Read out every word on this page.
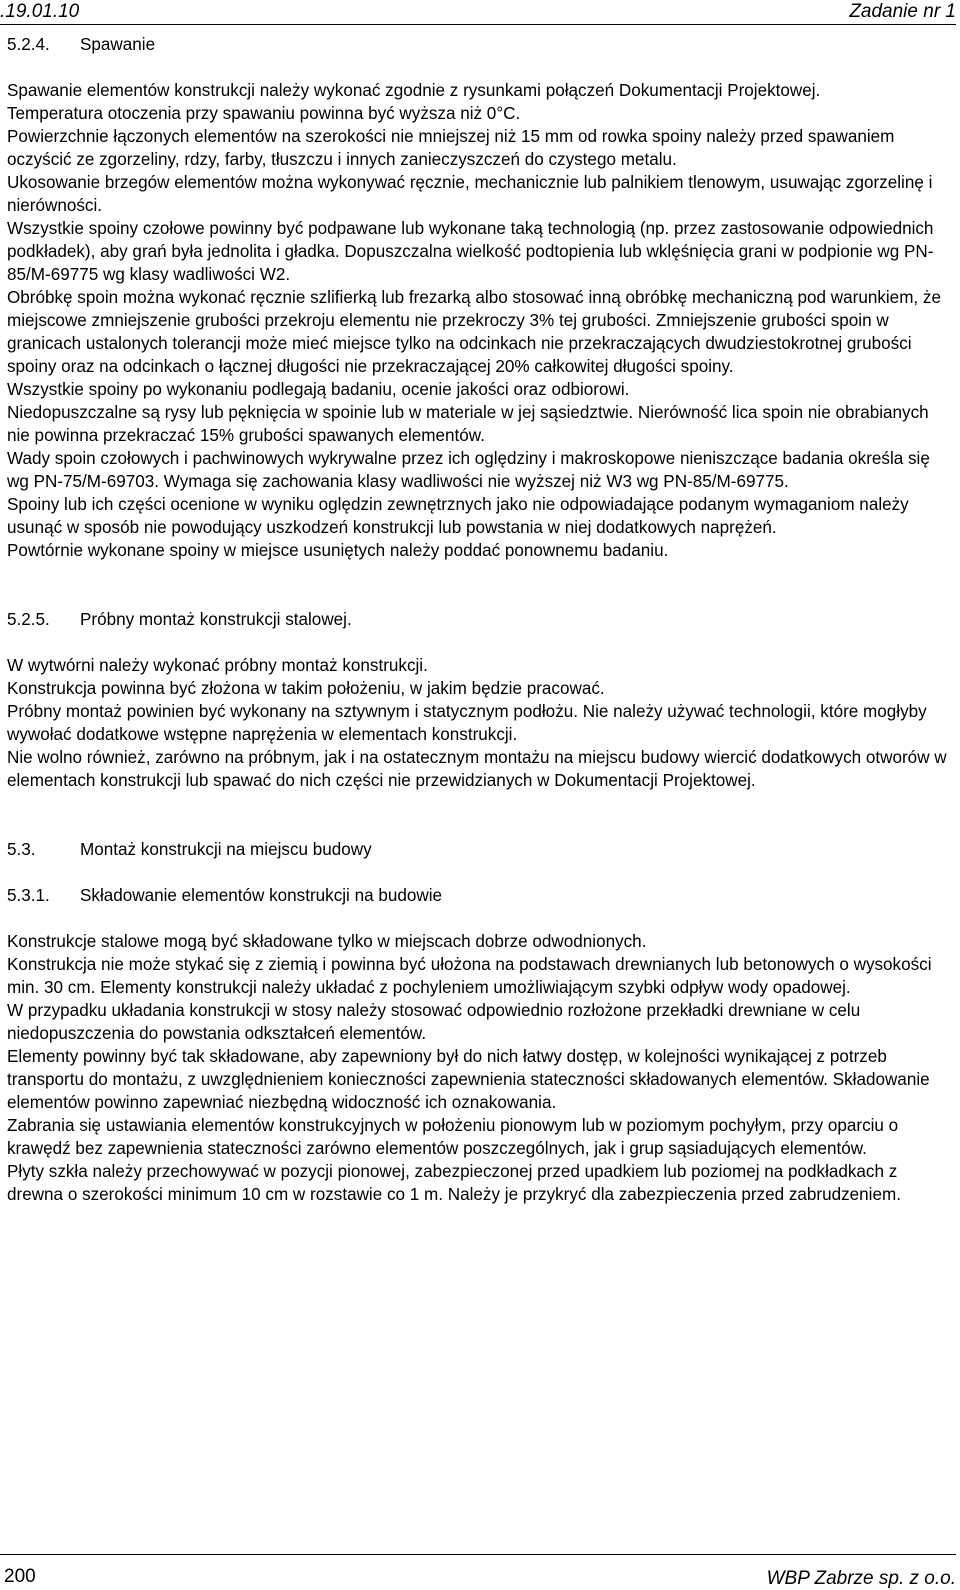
.19.01.10	Zadanie nr 1
5.2.4.	Spawanie

Spawanie elementów konstrukcji należy wykonać zgodnie z rysunkami połączeń Dokumentacji Projektowej.

Temperatura otoczenia przy spawaniu powinna być wyższa niż 0°C.

Powierzchnie łączonych elementów na szerokości nie mniejszej niż 15 mm od rowka spoiny należy przed spawaniem oczyścić ze zgorzeliny, rdzy, farby, tłuszczu i innych zanieczyszczeń do czystego metalu.

Ukosowanie brzegów elementów można wykonywać ręcznie, mechanicznie lub palnikiem tlenowym, usuwając zgorzelinę i nierówności.

Wszystkie spoiny czołowe powinny być podpawane lub wykonane taką technologią (np. przez zastosowanie odpowiednich podkładek), aby grań była jednolita i gładka. Dopuszczalna wielkość podtopienia lub wklęśnięcia grani w podpionie wg PN-85/M-69775 wg klasy wadliwości W2.

Obróbkę spoin można wykonać ręcznie szlifierką lub frezarką albo stosować inną obróbkę mechaniczną pod warunkiem, że miejscowe zmniejszenie grubości przekroju elementu nie przekroczy 3% tej grubości. Zmniejszenie grubości spoin w granicach ustalonych tolerancji może mieć miejsce tylko na odcinkach nie przekraczających dwudziestokrotnej grubości spoiny oraz na odcinkach o łącznej długości nie przekraczającej 20% całkowitej długości spoiny.

Wszystkie spoiny po wykonaniu podlegają badaniu, ocenie jakości oraz odbiorowi.

Niedopuszczalne są rysy lub pęknięcia w spoinie lub w materiale w jej sąsiedztwie. Nierówność lica spoin nie obrabianych nie powinna przekraczać 15% grubości spawanych elementów.

Wady spoin czołowych i pachwinowych wykrywalne przez ich oględziny i makroskopowe nieniszczące badania określa się wg PN-75/M-69703. Wymaga się zachowania klasy wadliwości nie wyższej niż W3 wg PN-85/M-69775.

Spoiny lub ich części ocenione w wyniku oględzin zewnętrznych jako nie odpowiadające podanym wymaganiom należy usunąć w sposób nie powodujący uszkodzeń konstrukcji lub powstania w niej dodatkowych naprężeń.

Powtórnie wykonane spoiny w miejsce usuniętych należy poddać ponownemu badaniu.

5.2.5.	Próbny montaż konstrukcji stalowej.

W wytwórni należy wykonać próbny montaż konstrukcji.

Konstrukcja powinna być złożona w takim położeniu, w jakim będzie pracować.

Próbny montaż powinien być wykonany na sztywnym i statycznym podłożu. Nie należy używać technologii, które mogłyby wywołać dodatkowe wstępne naprężenia w elementach konstrukcji.

Nie wolno również, zarówno na próbnym, jak i na ostatecznym montażu na miejscu budowy wiercić dodatkowych otworów w elementach konstrukcji lub spawać do nich części nie przewidzianych w Dokumentacji Projektowej.

5.3.	Montaż konstrukcji na miejscu budowy
5.3.1.	Składowanie elementów konstrukcji na budowie

Konstrukcje stalowe mogą być składowane tylko w miejscach dobrze odwodnionych.

Konstrukcja nie może stykać się z ziemią i powinna być ułożona na podstawach drewnianych lub betonowych o wysokości min. 30 cm. Elementy konstrukcji należy układać z pochyleniem umożliwiającym szybki odpływ wody opadowej.

W przypadku układania konstrukcji w stosy należy stosować odpowiednio rozłożone przekładki drewniane w celu niedopuszczenia do powstania odkształceń elementów.

Elementy powinny być tak składowane, aby zapewniony był do nich łatwy dostęp, w kolejności wynikającej z potrzeb transportu do montażu, z uwzględnieniem konieczności zapewnienia stateczności składowanych elementów. Składowanie elementów powinno zapewniać niezbędną widoczność ich oznakowania.

Zabrania się ustawiania elementów konstrukcyjnych w położeniu pionowym lub w poziomym pochyłym, przy oparciu o krawędź bez zapewnienia stateczności zarówno elementów poszczególnych, jak i grup sąsiadujących elementów.

Płyty szkła należy przechowywać w pozycji pionowej, zabezpieczonej przed upadkiem lub poziomej na podkładkach z drewna o szerokości minimum 10 cm w rozstawie co 1 m. Należy je przykryć dla zabezpieczenia przed zabrudzeniem.

200	WBP Zabrze sp. z o.o.
